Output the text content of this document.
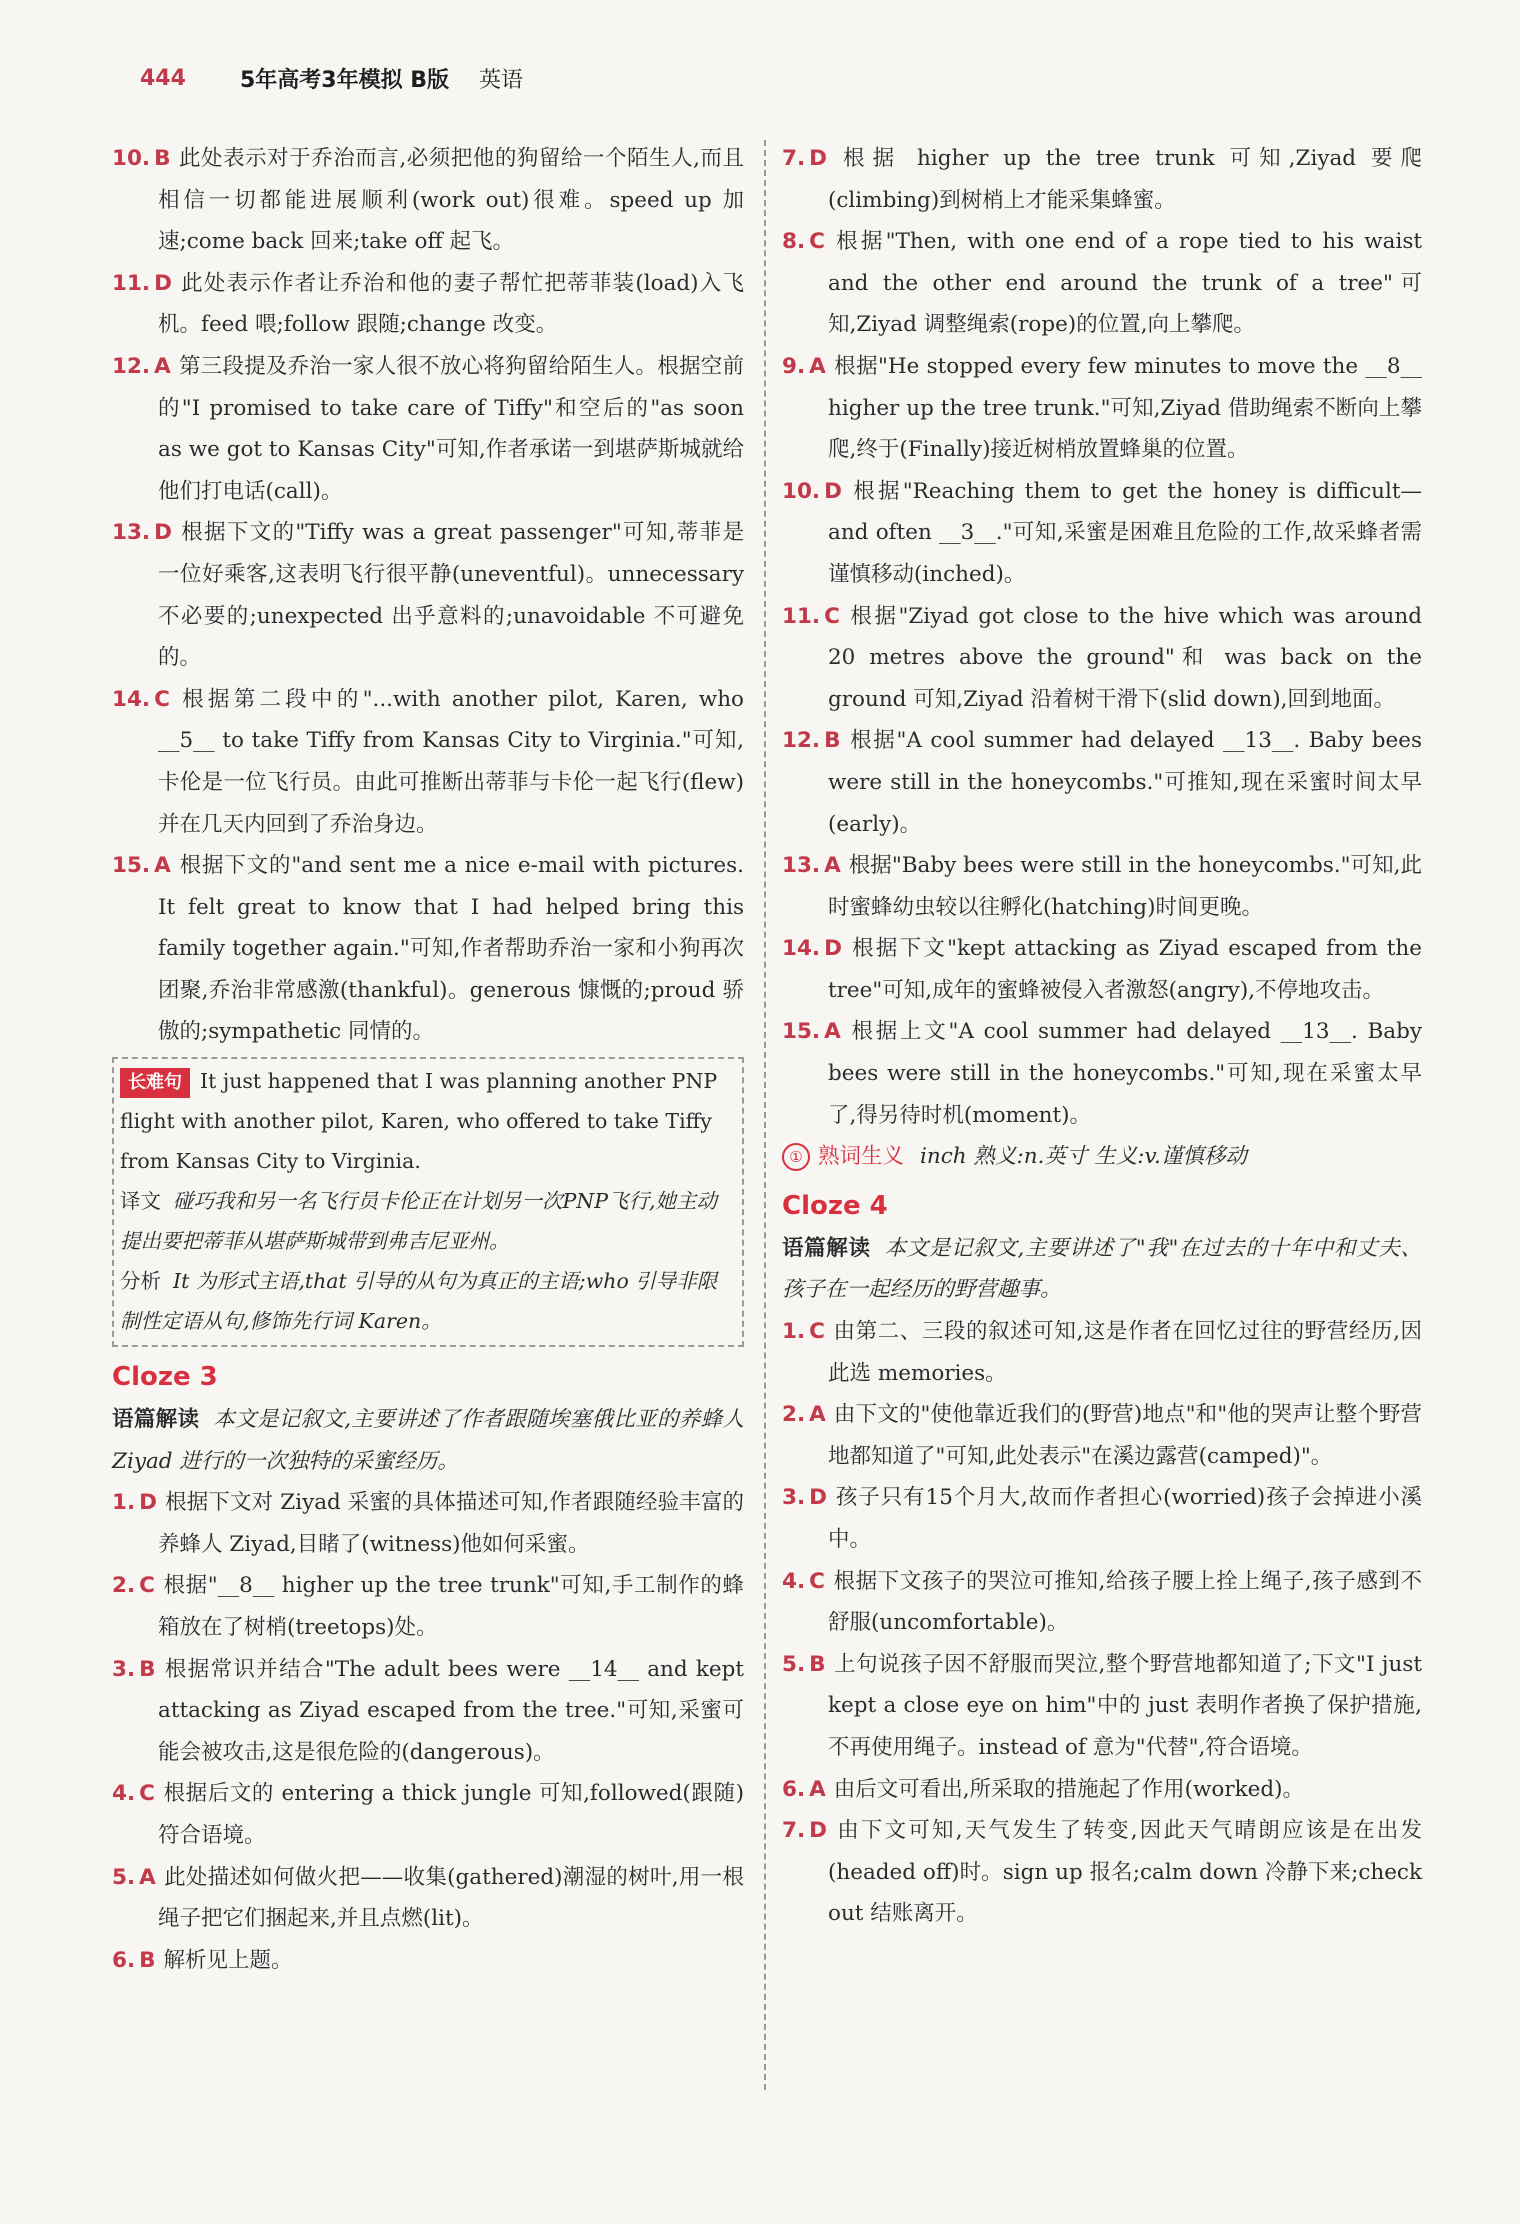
444	5年高考3年模拟 B版 英语
10. B 此处表示对于乔治而言,必须把他的狗留给一个陌生人,而且相信一切都能进展顺利(work out)很难。speed up 加速;come back 回来;take off 起飞。
11. D 此处表示作者让乔治和他的妻子帮忙把蒂菲装(load)入飞机。feed 喂;follow 跟随;change 改变。
12. A 第三段提及乔治一家人很不放心将狗留给陌生人。根据空前的"I promised to take care of Tiffy"和空后的"as soon as we got to Kansas City"可知,作者承诺一到堪萨斯城就给他们打电话(call)。
13. D 根据下文的"Tiffy was a great passenger"可知,蒂菲是一位好乘客,这表明飞行很平静(uneventful)。unnecessary 不必要的;unexpected 出乎意料的;unavoidable 不可避免的。
14. C 根据第二段中的"...with another pilot, Karen, who __5__ to take Tiffy from Kansas City to Virginia."可知,卡伦是一位飞行员。由此可推断出蒂菲与卡伦一起飞行(flew)并在几天内回到了乔治身边。
15. A 根据下文的"and sent me a nice e-mail with pictures. It felt great to know that I had helped bring this family together again."可知,作者帮助乔治一家和小狗再次团聚,乔治非常感激(thankful)。generous 慷慨的;proud 骄傲的;sympathetic 同情的。
长难句 It just happened that I was planning another PNP flight with another pilot, Karen, who offered to take Tiffy from Kansas City to Virginia.
译文 碰巧我和另一名飞行员卡伦正在计划另一次PNP飞行,她主动提出要把蒂菲从堪萨斯城带到弗吉尼亚州。
分析 It 为形式主语,that 引导的从句为真正的主语;who 引导非限制性定语从句,修饰先行词 Karen。
Cloze 3
语篇解读 本文是记叙文,主要讲述了作者跟随埃塞俄比亚的养蜂人 Ziyad 进行的一次独特的采蜜经历。
1. D 根据下文对 Ziyad 采蜜的具体描述可知,作者跟随经验丰富的养蜂人 Ziyad,目睹了(witness)他如何采蜜。
2. C 根据"__8__ higher up the tree trunk"可知,手工制作的蜂箱放在了树梢(treetops)处。
3. B 根据常识并结合"The adult bees were __14__ and kept attacking as Ziyad escaped from the tree."可知,采蜜可能会被攻击,这是很危险的(dangerous)。
4. C 根据后文的 entering a thick jungle 可知,followed(跟随)符合语境。
5. A 此处描述如何做火把——收集(gathered)潮湿的树叶,用一根绳子把它们捆起来,并且点燃(lit)。
6. B 解析见上题。
7. D 根据 higher up the tree trunk 可知,Ziyad 要爬(climbing)到树梢上才能采集蜂蜜。
8. C 根据"Then, with one end of a rope tied to his waist and the other end around the trunk of a tree"可知,Ziyad 调整绳索(rope)的位置,向上攀爬。
9. A 根据"He stopped every few minutes to move the __8__ higher up the tree trunk."可知,Ziyad 借助绳索不断向上攀爬,终于(Finally)接近树梢放置蜂巢的位置。
10. D 根据"Reaching them to get the honey is difficult—and often __3__."可知,采蜜是困难且危险的工作,故采蜂者需谨慎移动(inched)。
11. C 根据"Ziyad got close to the hive which was around 20 metres above the ground"和 was back on the ground 可知,Ziyad 沿着树干滑下(slid down),回到地面。
12. B 根据"A cool summer had delayed __13__. Baby bees were still in the honeycombs."可推知,现在采蜜时间太早(early)。
13. A 根据"Baby bees were still in the honeycombs."可知,此时蜜蜂幼虫较以往孵化(hatching)时间更晚。
14. D 根据下文"kept attacking as Ziyad escaped from the tree"可知,成年的蜜蜂被侵入者激怒(angry),不停地攻击。
15. A 根据上文"A cool summer had delayed __13__. Baby bees were still in the honeycombs."可知,现在采蜜太早了,得另待时机(moment)。
① 熟词生义 inch 熟义:n.英寸 生义:v.谨慎移动
Cloze 4
语篇解读 本文是记叙文,主要讲述了"我"在过去的十年中和丈夫、孩子在一起经历的野营趣事。
1. C 由第二、三段的叙述可知,这是作者在回忆过往的野营经历,因此选 memories。
2. A 由下文的"使他靠近我们的(野营)地点"和"他的哭声让整个野营地都知道了"可知,此处表示"在溪边露营(camped)"。
3. D 孩子只有15个月大,故而作者担心(worried)孩子会掉进小溪中。
4. C 根据下文孩子的哭泣可推知,给孩子腰上拴上绳子,孩子感到不舒服(uncomfortable)。
5. B 上句说孩子因不舒服而哭泣,整个野营地都知道了;下文"I just kept a close eye on him"中的 just 表明作者换了保护措施,不再使用绳子。instead of 意为"代替",符合语境。
6. A 由后文可看出,所采取的措施起了作用(worked)。
7. D 由下文可知,天气发生了转变,因此天气晴朗应该是在出发(headed off)时。sign up 报名;calm down 冷静下来;check out 结账离开。
